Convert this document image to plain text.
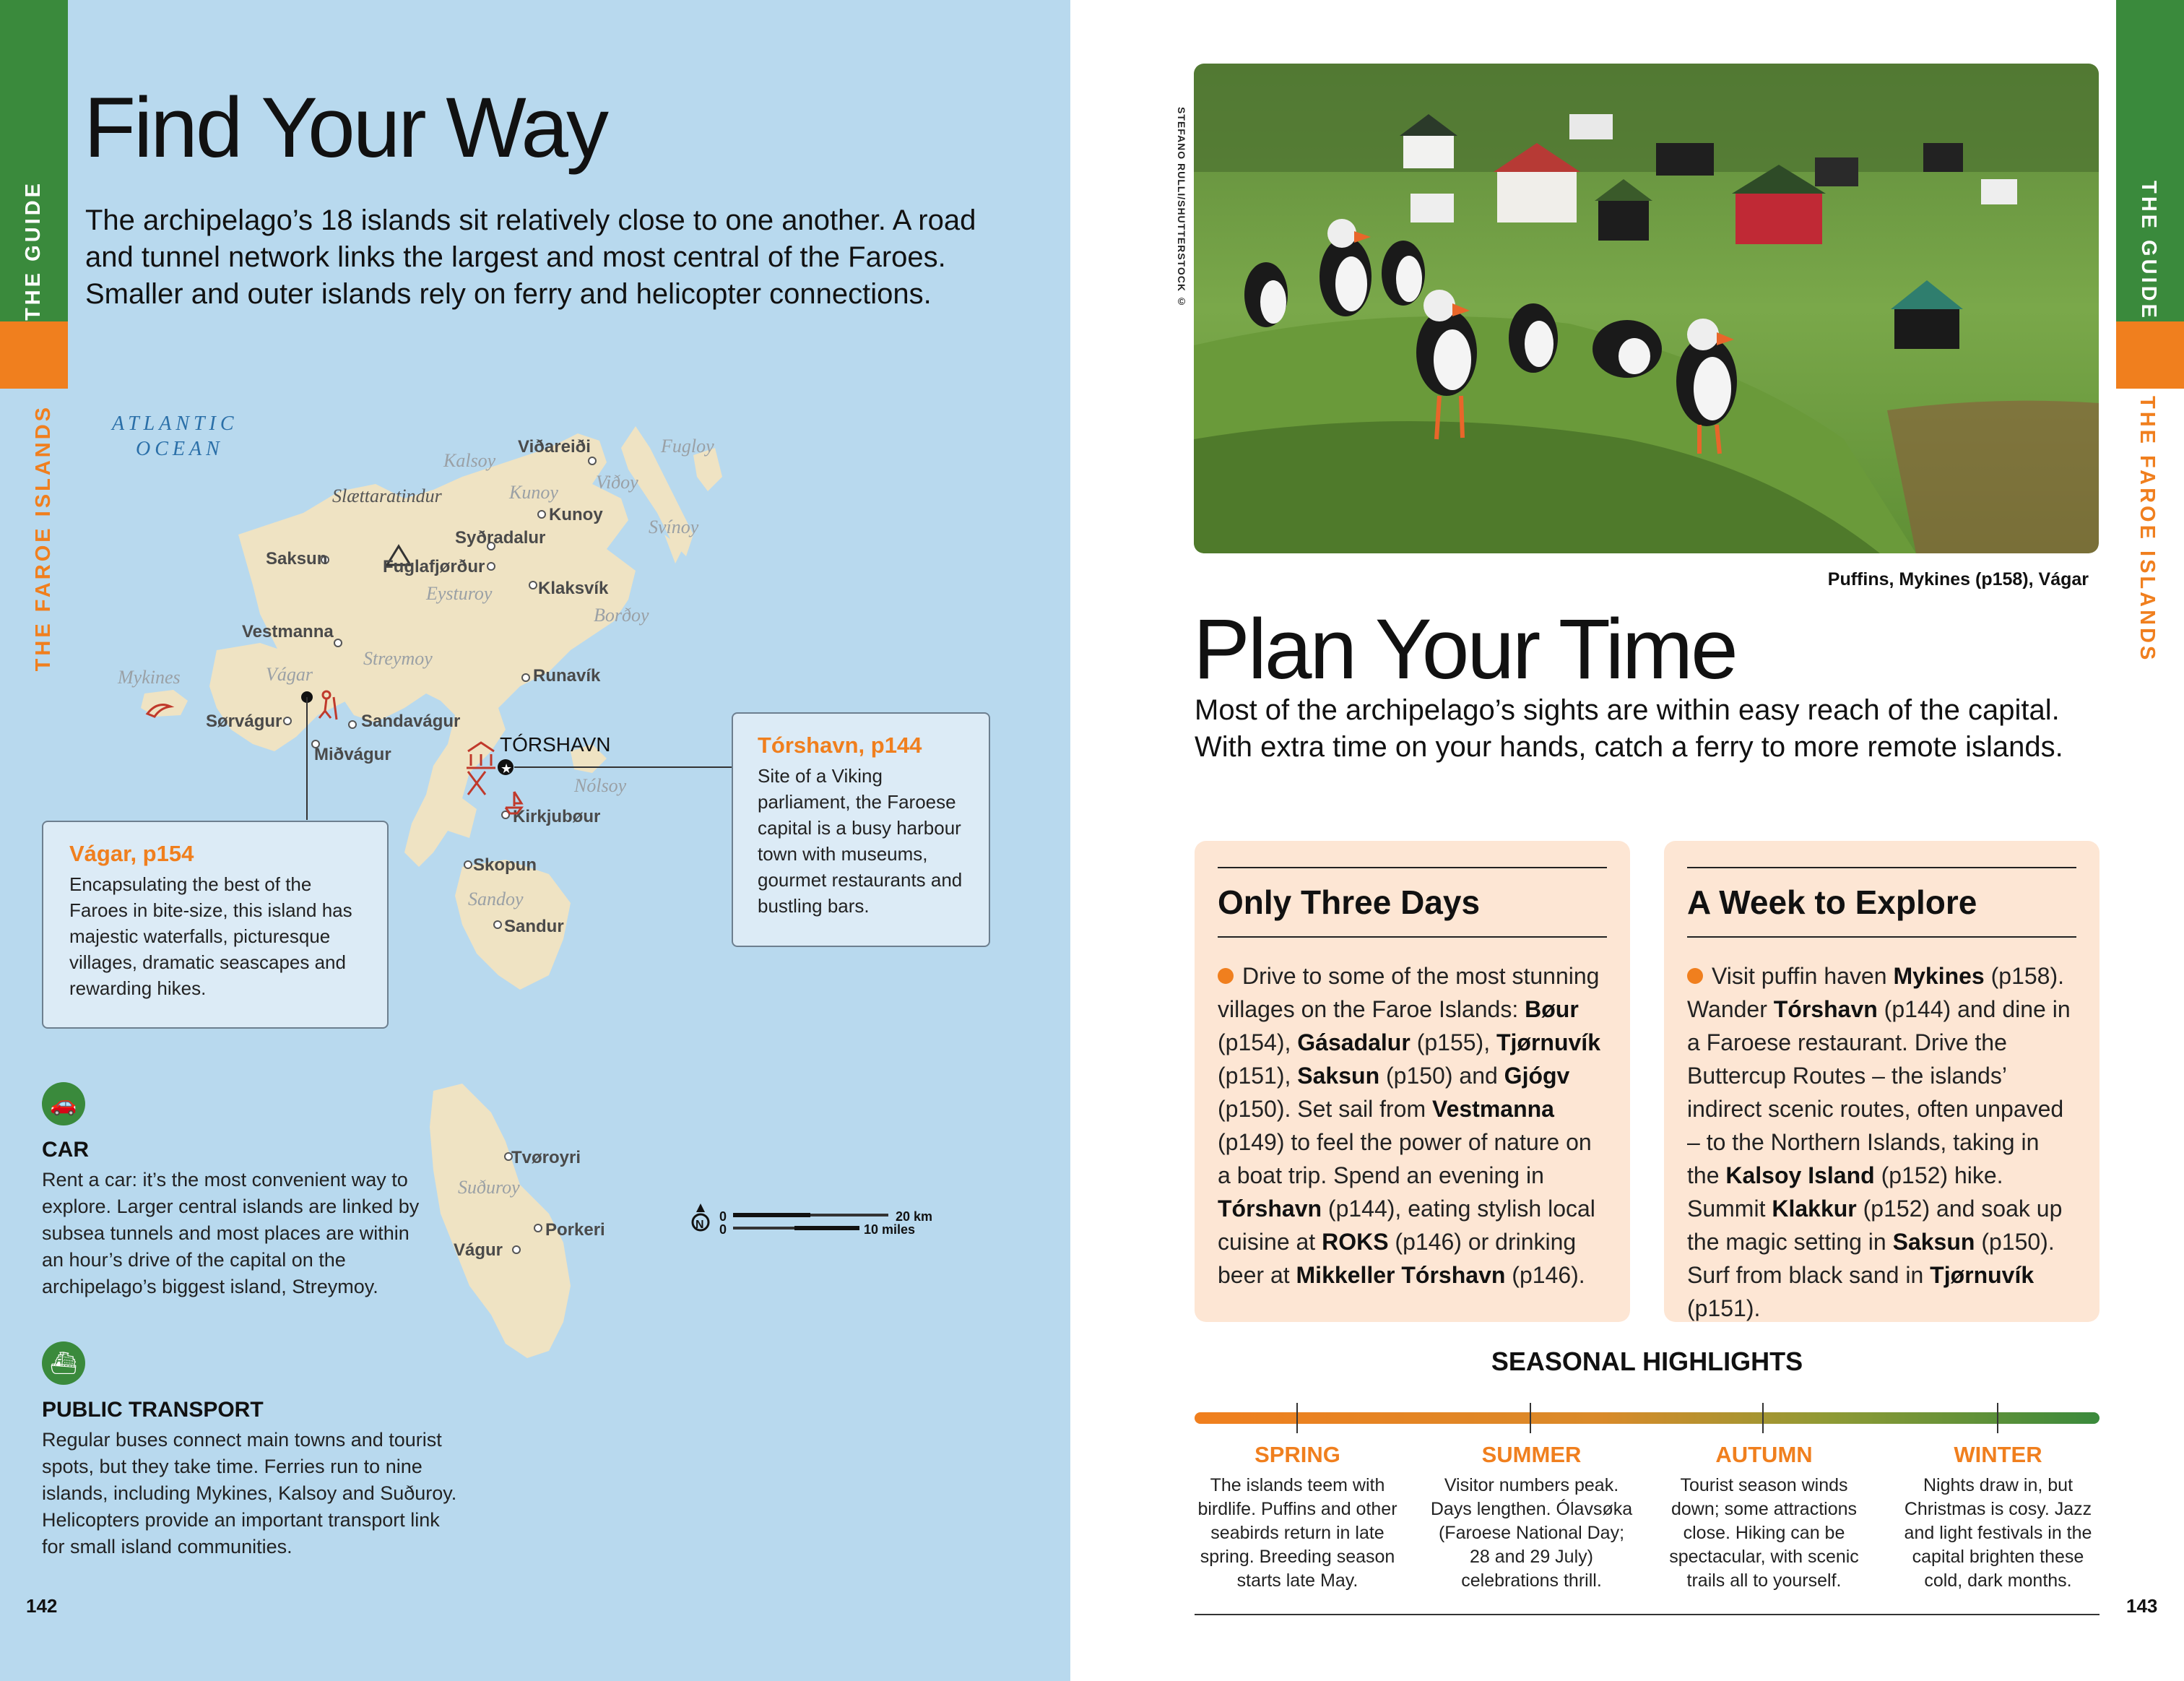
THE GUIDE
THE FAROE ISLANDS
Find Your Way
The archipelago’s 18 islands sit relatively close to one another. A road and tunnel network links the largest and most central of the Faroes. Smaller and outer islands rely on ferry and helicopter connections.
ATLANTIC
OCEAN
Slættaratindur
Kalsoy
Kunoy Viðoy
Fugloy
Svínoy
Eysturoy
Borðoy
Streymoy
Vágar
Mykines
Nólsoy
Sandoy
Suðuroy
Viðareiði
Kunoy
Syðradalur
Klaksvík
Saksun	Fuglafjørður
Vestmanna
Runavík
Sørvágur	Sandavágur
Miðvágur
Kirkjubøur
Skopun
Sandur
Tvøroyri
Porkeri
Vágur
★
TÓRSHAVN
N
0
0
20 km
10 miles
Vágar, p154
Encapsulating the best of the Faroes in bite-size, this island has majestic waterfalls, picturesque villages, dramatic seascapes and rewarding hikes.
Tórshavn, p144
Site of a Viking parliament, the Faroese capital is a busy harbour town with museums, gourmet restaurants and bustling bars.
🚗
CAR
Rent a car: it’s the most convenient way to explore. Larger central islands are linked by subsea tunnels and most places are within an hour’s drive of the capital on the archipelago’s biggest island, Streymoy.
⛴
PUBLIC TRANSPORT
Regular buses connect main towns and tourist spots, but they take time. Ferries run to nine islands, including Mykines, Kalsoy and Suðuroy. Helicopters provide an important transport link for small island communities.
142
THE GUIDE
THE FAROE ISLANDS
STEFANO RULLI/SHUTTERSTOCK ©
Puffins, Mykines (p158), Vágar
Plan Your Time
Most of the archipelago’s sights are within easy reach of the capital. With extra time on your hands, catch a ferry to more remote islands.
Only Three Days
Drive to some of the most stunning villages on the Faroe Islands: Bøur (p154), Gásadalur (p155), Tjørnuvík (p151), Saksun (p150) and Gjógv (p150). Set sail from Vestmanna (p149) to feel the power of nature on a boat trip. Spend an evening in Tórshavn (p144), eating stylish local cuisine at ROKS (p146) or drinking beer at Mikkeller Tórshavn (p146).
A Week to Explore
Visit puffin haven Mykines (p158). Wander Tórshavn (p144) and dine in a Faroese restaurant. Drive the Buttercup Routes – the islands’ indirect scenic routes, often unpaved – to the Northern Islands, taking in the Kalsoy Island (p152) hike. Summit Klakkur (p152) and soak up the magic setting in Saksun (p150). Surf from black sand in Tjørnuvík (p151).
SEASONAL HIGHLIGHTS
SPRING
The islands teem with birdlife. Puffins and other seabirds return in late spring. Breeding season starts late May.
SUMMER
Visitor numbers peak. Days lengthen. Ólavsøka (Faroese National Day; 28 and 29 July) celebrations thrill.
AUTUMN
Tourist season winds down; some attractions close. Hiking can be spectacular, with scenic trails all to yourself.
WINTER
Nights draw in, but Christmas is cosy. Jazz and light festivals in the capital brighten these cold, dark months.
143
